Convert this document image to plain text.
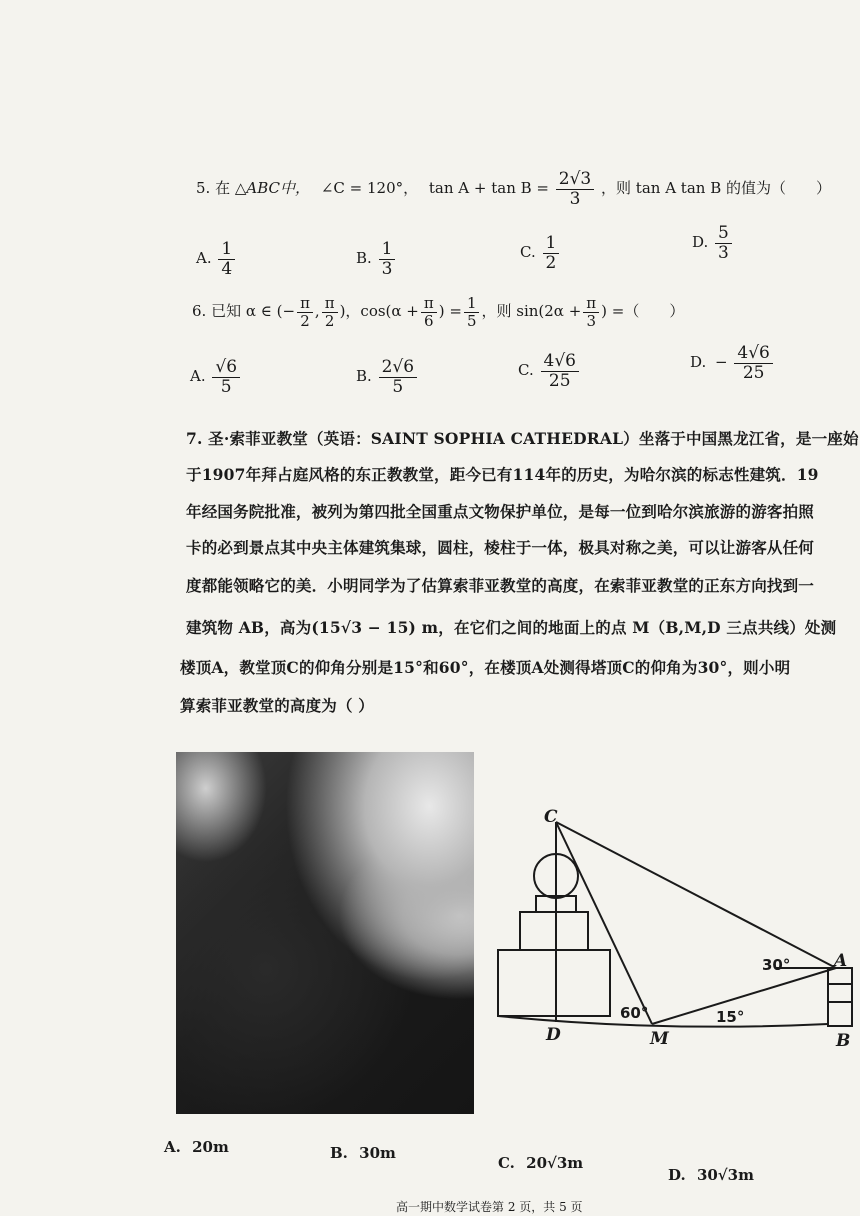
5. 在 △ABC中， ∠C = 120°， $\tan A + \tan B = \frac{2√3}{3}$ ，则 tan A tan B 的值为（　　）
A. $\frac{1}{4}$	B. $\frac{1}{3}$	C. $\frac{1}{2}$	D. $\frac{5}{3}$
6. 已知 α ∈ (− $\frac{\pi}{2}$ , $\frac{\pi}{2}$ )，$\cos(\alpha + \frac{\pi}{6}$ ) = $\frac{1}{5}$ ，则 $\sin(2\alpha + \frac{\pi}{3}$ ) =（　　）
A. $\frac{√6}{5}$	B. $\frac{2√6}{5}$	C. $\frac{4√6}{25}$	D. − $\frac{4√6}{25}$
7. 圣·索菲亚教堂（英语：SAINT SOPHIA CATHEDRAL）坐落于中国黑龙江省，是一座始
于1907年拜占庭风格的东正教教堂，距今已有114年的历史，为哈尔滨的标志性建筑．19
年经国务院批准，被列为第四批全国重点文物保护单位，是每一位到哈尔滨旅游的游客拍照
卡的必到景点其中央主体建筑集球，圆柱，棱柱于一体，极具对称之美，可以让游客从任何
度都能领略它的美．小明同学为了估算索菲亚教堂的高度，在索菲亚教堂的正东方向找到一
建筑物 AB，高为(15√3 − 15) m，在它们之间的地面上的点 M（B,M,D 三点共线）处测
楼顶A，教堂顶C的仰角分别是15°和60°，在楼顶A处测得塔顶C的仰角为30°，则小明
算索菲亚教堂的高度为（ ）
C
A
D	M	B
30°
60°	15°
A. 20m	B. 30m
C. 20√3m
D. 30√3m
高一期中数学试卷第 2 页，共 5 页
